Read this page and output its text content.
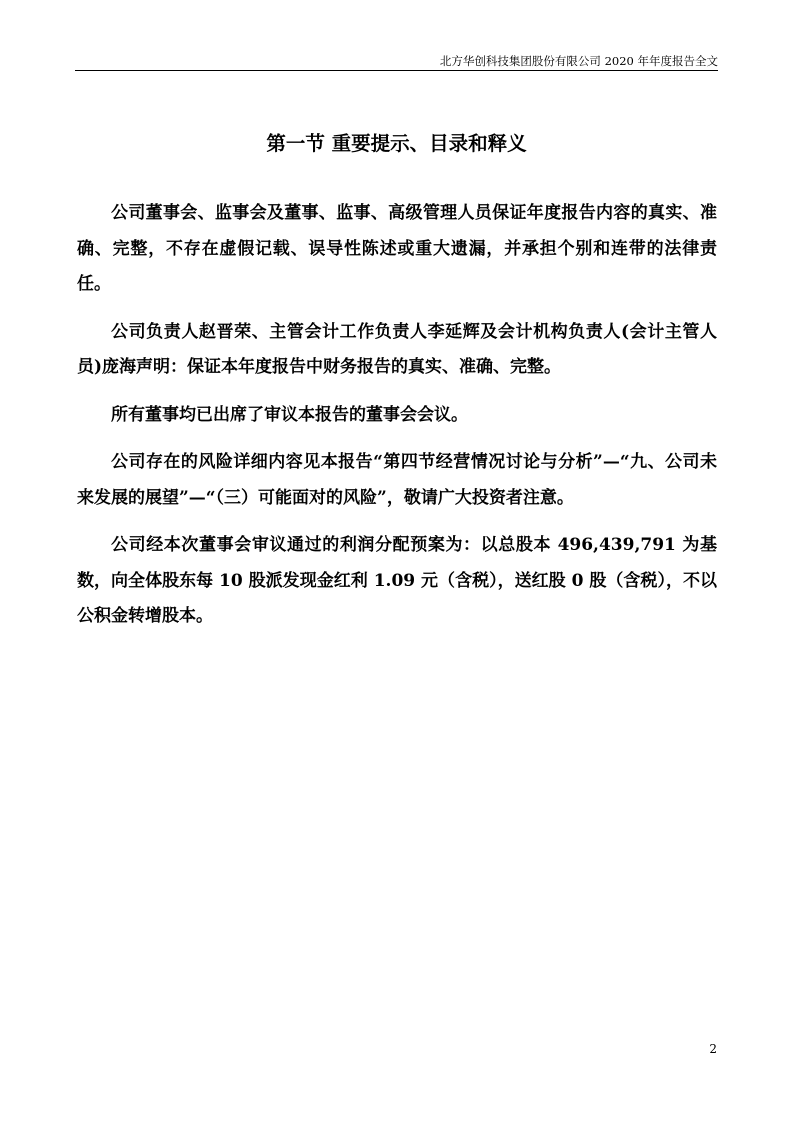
北方华创科技集团股份有限公司 2020 年年度报告全文
第一节 重要提示、目录和释义

公司董事会、监事会及董事、监事、高级管理人员保证年度报告内容的真实、准确、完整，不存在虚假记载、误导性陈述或重大遗漏，并承担个别和连带的法律责任。

公司负责人赵晋荣、主管会计工作负责人李延辉及会计机构负责人(会计主管人员)庞海声明：保证本年度报告中财务报告的真实、准确、完整。

所有董事均已出席了审议本报告的董事会会议。

公司存在的风险详细内容见本报告“第四节经营情况讨论与分析”—“九、公司未来发展的展望”—“（三）可能面对的风险”，敬请广大投资者注意。

公司经本次董事会审议通过的利润分配预案为：以总股本 496,439,791 为基数，向全体股东每 10 股派发现金红利 1.09 元（含税），送红股 0 股（含税），不以公积金转增股本。

2
